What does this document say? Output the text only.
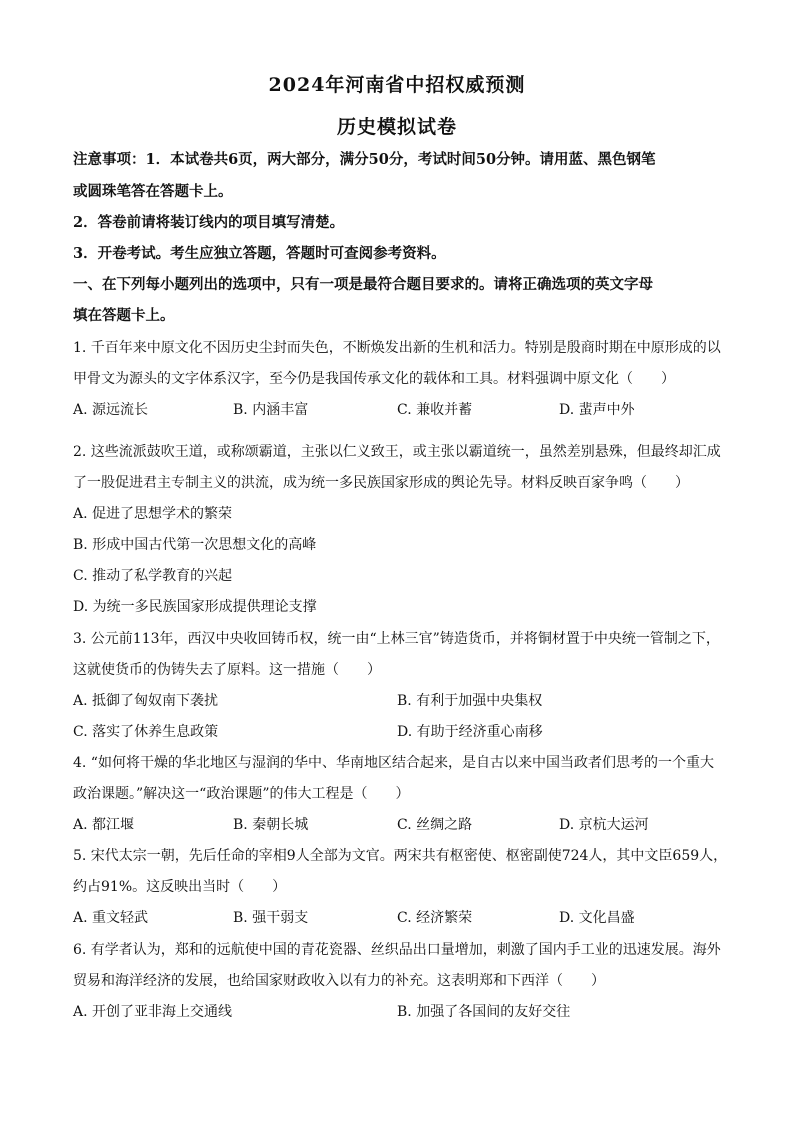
2024年河南省中招权威预测
历史模拟试卷
注意事项：1．本试卷共6页，两大部分，满分50分，考试时间50分钟。请用蓝、黑色钢笔
或圆珠笔答在答题卡上。
2．答卷前请将装订线内的项目填写清楚。
3．开卷考试。考生应独立答题，答题时可查阅参考资料。
一、在下列每小题列出的选项中，只有一项是最符合题目要求的。请将正确选项的英文字母
填在答题卡上。
1. 千百年来中原文化不因历史尘封而失色，不断焕发出新的生机和活力。特别是殷商时期在中原形成的以
甲骨文为源头的文字体系汉字，至今仍是我国传承文化的载体和工具。材料强调中原文化（　　）
A. 源远流长	B. 内涵丰富	C. 兼收并蓄	D. 蜚声中外
2. 这些流派鼓吹王道，或称颂霸道，主张以仁义致王，或主张以霸道统一，虽然差别悬殊，但最终却汇成
了一股促进君主专制主义的洪流，成为统一多民族国家形成的舆论先导。材料反映百家争鸣（　　）
A. 促进了思想学术的繁荣
B. 形成中国古代第一次思想文化的高峰
C. 推动了私学教育的兴起
D. 为统一多民族国家形成提供理论支撑
3. 公元前113年，西汉中央收回铸币权，统一由“上林三官”铸造货币，并将铜材置于中央统一管制之下，
这就使货币的伪铸失去了原料。这一措施（　　）
A. 抵御了匈奴南下袭扰	B. 有利于加强中央集权
C. 落实了休养生息政策	D. 有助于经济重心南移
4. “如何将干燥的华北地区与湿润的华中、华南地区结合起来，是自古以来中国当政者们思考的一个重大
政治课题。”解决这一“政治课题”的伟大工程是（　　）
A. 都江堰	B. 秦朝长城	C. 丝绸之路	D. 京杭大运河
5. 宋代太宗一朝，先后任命的宰相9人全部为文官。两宋共有枢密使、枢密副使724人，其中文臣659人，
约占91%。这反映出当时（　　）
A. 重文轻武	B. 强干弱支	C. 经济繁荣	D. 文化昌盛
6. 有学者认为，郑和的远航使中国的青花瓷器、丝织品出口量增加，刺激了国内手工业的迅速发展。海外
贸易和海洋经济的发展，也给国家财政收入以有力的补充。这表明郑和下西洋（　　）
A. 开创了亚非海上交通线	B. 加强了各国间的友好交往
